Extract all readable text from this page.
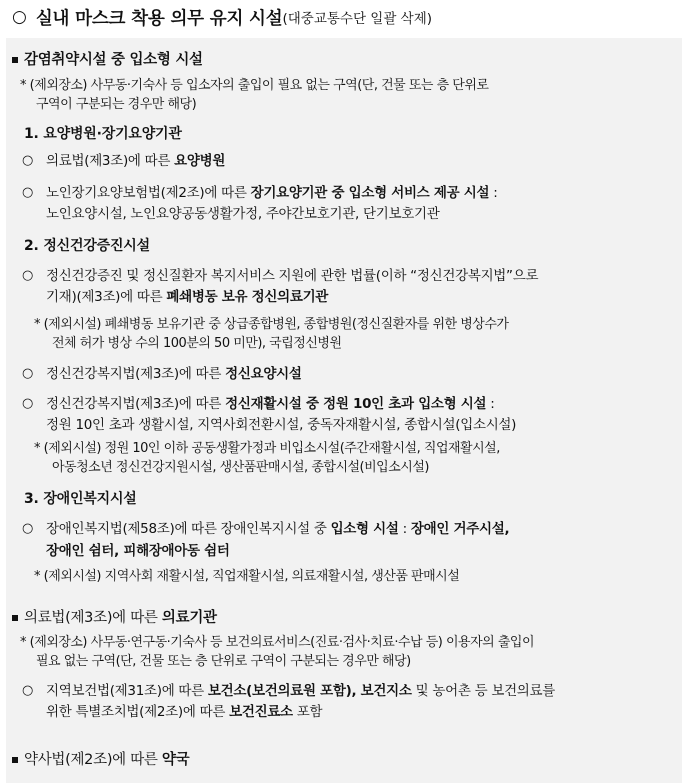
○ 실내 마스크 착용 의무 유지 시설 (대중교통수단 일괄 삭제)
감염취약시설 중 입소형 시설
* (제외장소) 사무동·기숙사 등 입소자의 출입이 필요 없는 구역(단, 건물 또는 층 단위로
구역이 구분되는 경우만 해당)
1. 요양병원·장기요양기관
○ 의료법(제3조)에 따른 요양병원
○ 노인장기요양보험법(제2조)에 따른 장기요양기관 중 입소형 서비스 제공 시설 :
노인요양시설, 노인요양공동생활가정, 주야간보호기관, 단기보호기관
2. 정신건강증진시설
○ 정신건강증진 및 정신질환자 복지서비스 지원에 관한 법률(이하 “정신건강복지법”으로
기재)(제3조)에 따른 폐쇄병동 보유 정신의료기관
* (제외시설) 폐쇄병동 보유기관 중 상급종합병원, 종합병원(정신질환자를 위한 병상수가
전체 허가 병상 수의 100분의 50 미만), 국립정신병원
○ 정신건강복지법(제3조)에 따른 정신요양시설
○ 정신건강복지법(제3조)에 따른 정신재활시설 중 정원 10인 초과 입소형 시설 :
정원 10인 초과 생활시설, 지역사회전환시설, 중독자재활시설, 종합시설(입소시설)
* (제외시설) 정원 10인 이하 공동생활가정과 비입소시설(주간재활시설, 직업재활시설,
아동청소년 정신건강지원시설, 생산품판매시설, 종합시설(비입소시설)
3. 장애인복지시설
○ 장애인복지법(제58조)에 따른 장애인복지시설 중 입소형 시설 : 장애인 거주시설,
장애인 쉼터, 피해장애아동 쉼터
* (제외시설) 지역사회 재활시설, 직업재활시설, 의료재활시설, 생산품 판매시설
의료법(제3조)에 따른 의료기관
* (제외장소) 사무동·연구동·기숙사 등 보건의료서비스(진료·검사·치료·수납 등) 이용자의 출입이
필요 없는 구역(단, 건물 또는 층 단위로 구역이 구분되는 경우만 해당)
○ 지역보건법(제31조)에 따른 보건소(보건의료원 포함), 보건지소 및 농어촌 등 보건의료를
위한 특별조치법(제2조)에 따른 보건진료소 포함
약사법(제2조)에 따른 약국
